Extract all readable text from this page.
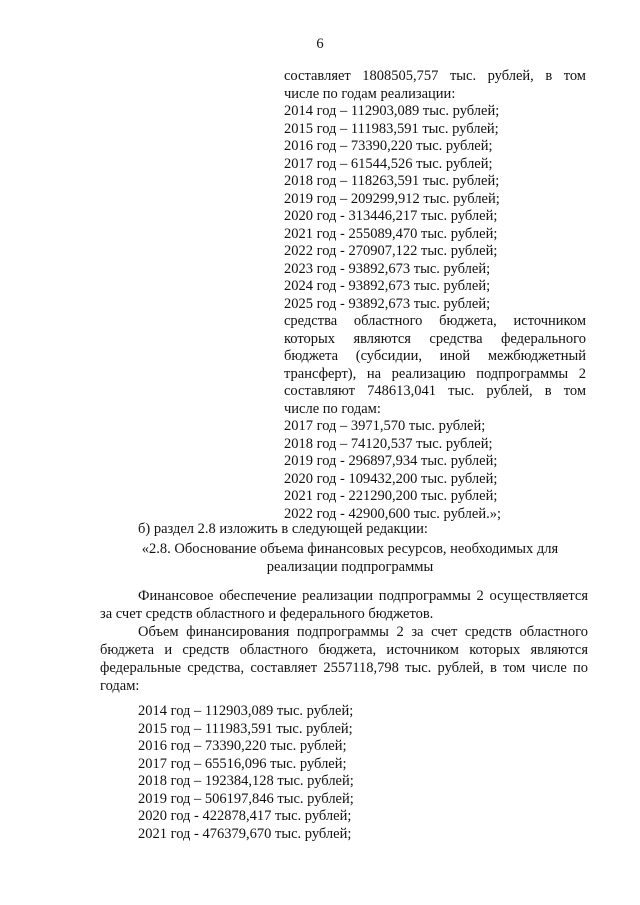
6
составляет 1808505,757 тыс. рублей, в том
числе по годам реализации:
2014 год – 112903,089 тыс. рублей;
2015 год – 111983,591 тыс. рублей;
2016 год – 73390,220 тыс. рублей;
2017 год – 61544,526 тыс. рублей;
2018 год – 118263,591 тыс. рублей;
2019 год – 209299,912 тыс. рублей;
2020 год - 313446,217 тыс. рублей;
2021 год - 255089,470 тыс. рублей;
2022 год - 270907,122 тыс. рублей;
2023 год - 93892,673 тыс. рублей;
2024 год - 93892,673 тыс. рублей;
2025 год - 93892,673 тыс. рублей;
средства областного бюджета, источником
которых являются средства федерального
бюджета (субсидии, иной межбюджетный
трансферт), на реализацию подпрограммы 2
составляют 748613,041 тыс. рублей, в том
числе по годам:
2017 год – 3971,570 тыс. рублей;
2018 год – 74120,537 тыс. рублей;
2019 год - 296897,934 тыс. рублей;
2020 год - 109432,200 тыс. рублей;
2021 год - 221290,200 тыс. рублей;
2022 год - 42900,600 тыс. рублей.»;
б) раздел 2.8 изложить в следующей редакции:
«2.8. Обоснование объема финансовых ресурсов, необходимых для
реализации подпрограммы
Финансовое обеспечение реализации подпрограммы 2 осуществляется за счет средств областного и федерального бюджетов.
Объем финансирования подпрограммы 2 за счет средств областного бюджета и средств областного бюджета, источником которых являются федеральные средства, составляет 2557118,798 тыс. рублей, в том числе по годам:
2014 год – 112903,089 тыс. рублей;
2015 год – 111983,591 тыс. рублей;
2016 год – 73390,220 тыс. рублей;
2017 год – 65516,096 тыс. рублей;
2018 год – 192384,128 тыс. рублей;
2019 год – 506197,846 тыс. рублей;
2020 год - 422878,417 тыс. рублей;
2021 год - 476379,670 тыс. рублей;
